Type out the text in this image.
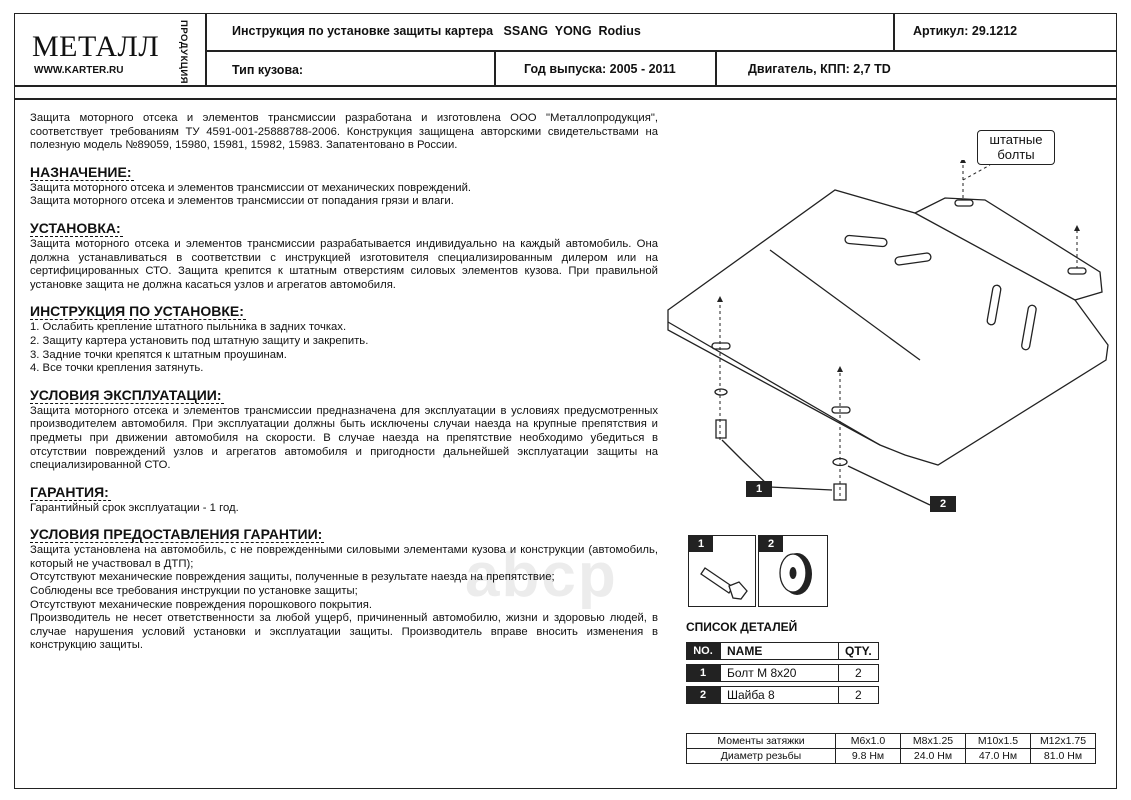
МЕТАЛЛ ПРОДУКЦИЯ
WWW.KARTER.RU
Инструкция по установке защиты картера   SSANG  YONG  Rodius	Артикул: 29.1212
Тип кузова:	Год выпуска: 2005 - 2011	Двигатель, КПП: 2,7 TD
abcp

Защита моторного отсека и элементов трансмиссии разработана и изготовлена ООО "Металлопродукция", соответствует требованиям ТУ 4591-001-25888788-2006. Конструкция защищена авторскими свидетельствами на полезную модель №89059, 15980, 15981, 15982, 15983. Запатентовано в России.

НАЗНАЧЕНИЕ:
Защита моторного отсека и элементов трансмиссии от механических повреждений.
Защита моторного отсека и элементов трансмиссии от попадания грязи и влаги.
УСТАНОВКА:

Защита моторного отсека и элементов трансмиссии разрабатывается индивидуально на каждый автомобиль. Она должна устанавливаться в соответствии с инструкцией изготовителя специализированным дилером или на сертифицированных СТО. Защита крепится к штатным отверстиям силовых элементов кузова. При правильной установке защита не должна касаться узлов и агрегатов автомобиля.

ИНСТРУКЦИЯ ПО УСТАНОВКЕ:
1. Ослабить крепление штатного пыльника в задних точках.
2. Защиту картера установить под штатную защиту и закрепить.
3. Задние точки крепятся к штатным проушинам.
4. Все точки крепления затянуть.
УСЛОВИЯ ЭКСПЛУАТАЦИИ:

Защита моторного отсека и элементов трансмиссии предназначена для эксплуатации в условиях предусмотренных производителем автомобиля. При эксплуатации должны быть исключены случаи наезда на крупные препятствия и предметы при движении автомобиля на скорости. В случае наезда на препятствие необходимо убедиться в отсутствии повреждений узлов и агрегатов автомобиля и пригодности дальнейшей эксплуатации защиты на специализированной СТО.

ГАРАНТИЯ:
Гарантийный срок эксплуатации - 1 год.
УСЛОВИЯ ПРЕДОСТАВЛЕНИЯ ГАРАНТИИ:

Защита установлена на автомобиль, с не поврежденными силовыми элементами кузова и конструкции (автомобиль, который не участвовал в ДТП);

Отсутствуют механические повреждения защиты, полученные в результате наезда на препятствие;
Соблюдены все требования инструкции по установке защиты;
Отсутствуют механические повреждения порошкового покрытия.

Производитель не несет ответственности за любой ущерб, причиненный автомобилю, жизни и здоровью людей, в случае нарушения условий установки и эксплуатации защиты. Производитель вправе вносить изменения в конструкцию защиты.

штатные
болты
1
2
1	2
СПИСОК ДЕТАЛЕЙ
NO.	NAME	QTY.
1	Болт М 8х20	2
2	Шайба 8	2
Моменты затяжки	M6x1.0	M8x1.25	M10x1.5	M12x1.75
Диаметр резьбы	9.8 Нм	24.0 Нм	47.0 Нм	81.0 Нм
